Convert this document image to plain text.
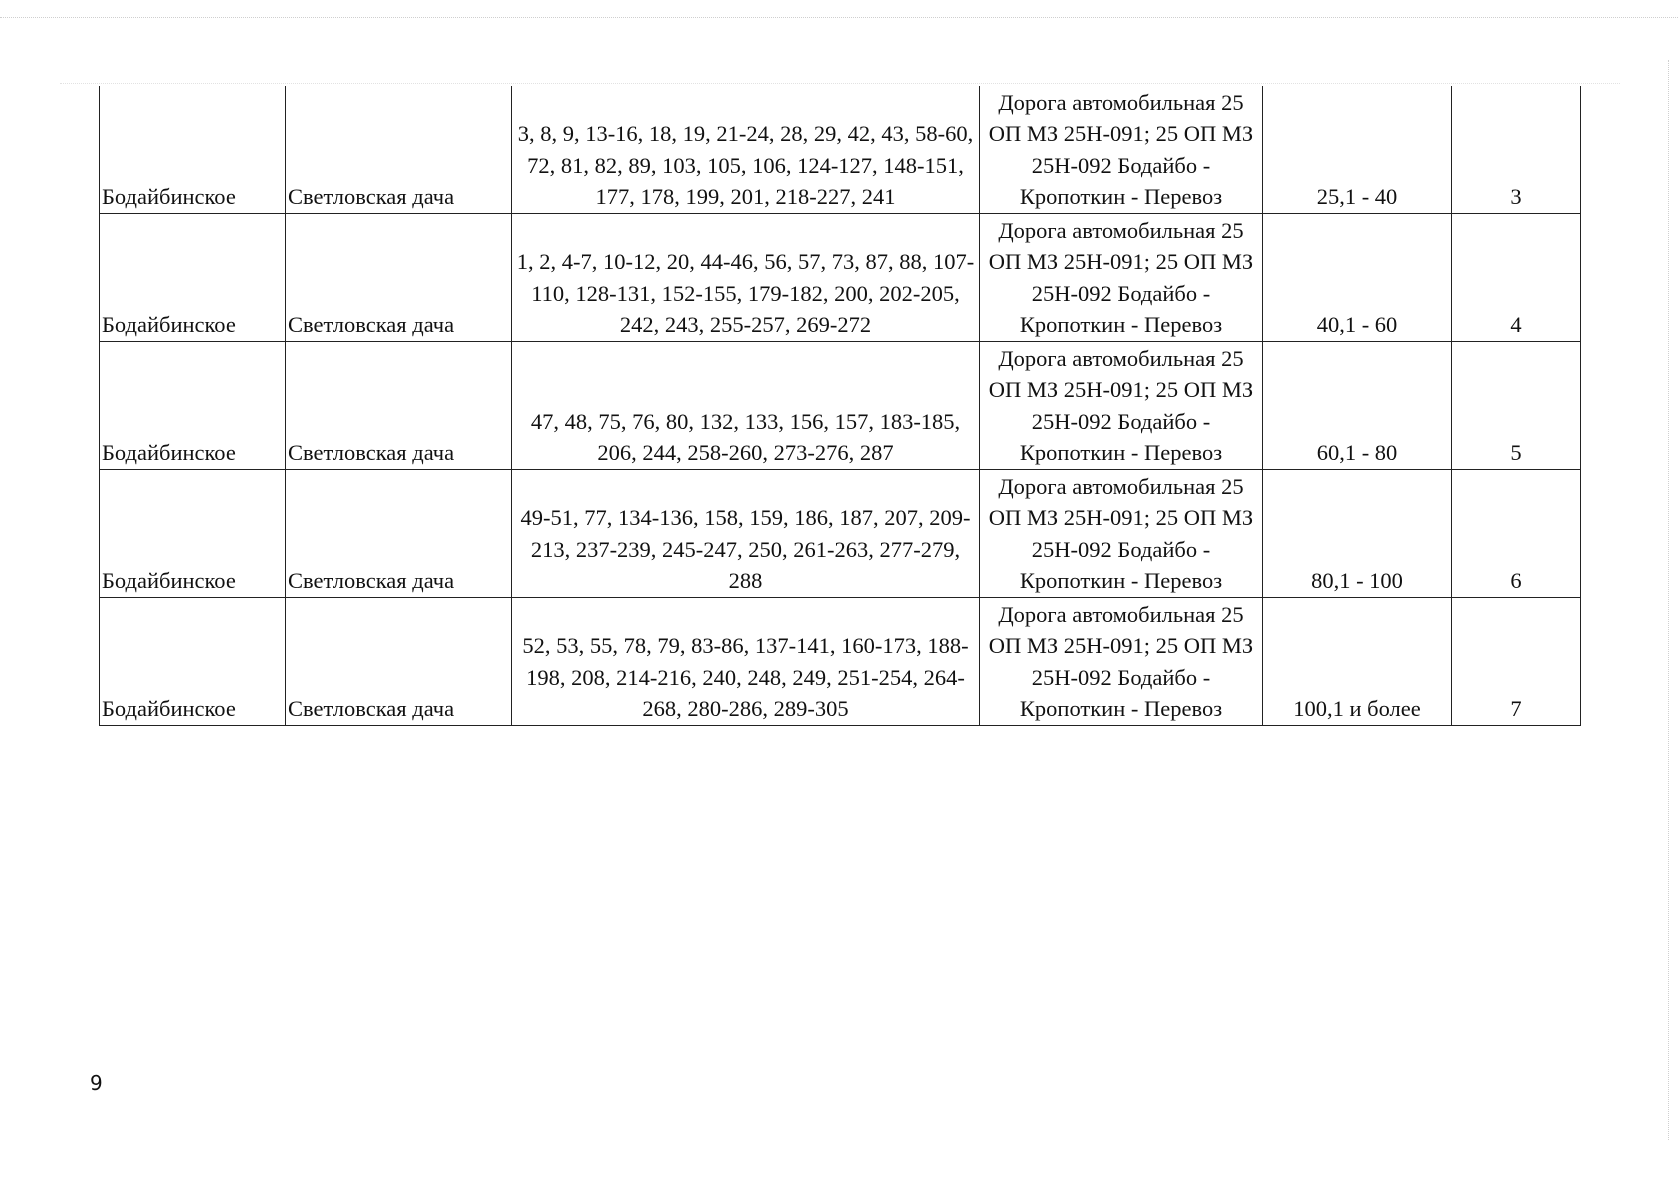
Бодайбинское	Светловская дача	3, 8, 9, 13-16, 18, 19, 21-24, 28, 29, 42, 43, 58-60, 72, 81, 82, 89, 103, 105, 106, 124-127, 148-151, 177, 178, 199, 201, 218-227, 241	Дорога автомобильная 25 ОП МЗ 25Н-091; 25 ОП МЗ 25Н-092 Бодайбо - Кропоткин - Перевоз	25,1 - 40	3
Бодайбинское	Светловская дача	1, 2, 4-7, 10-12, 20, 44-46, 56, 57, 73, 87, 88, 107-110, 128-131, 152-155, 179-182, 200, 202-205, 242, 243, 255-257, 269-272	Дорога автомобильная 25 ОП МЗ 25Н-091; 25 ОП МЗ 25Н-092 Бодайбо - Кропоткин - Перевоз	40,1 - 60	4
Бодайбинское	Светловская дача	47, 48, 75, 76, 80, 132, 133, 156, 157, 183-185, 206, 244, 258-260, 273-276, 287	Дорога автомобильная 25 ОП МЗ 25Н-091; 25 ОП МЗ 25Н-092 Бодайбо - Кропоткин - Перевоз	60,1 - 80	5
Бодайбинское	Светловская дача	49-51, 77, 134-136, 158, 159, 186, 187, 207, 209-213, 237-239, 245-247, 250, 261-263, 277-279, 288	Дорога автомобильная 25 ОП МЗ 25Н-091; 25 ОП МЗ 25Н-092 Бодайбо - Кропоткин - Перевоз	80,1 - 100	6
Бодайбинское	Светловская дача	52, 53, 55, 78, 79, 83-86, 137-141, 160-173, 188-198, 208, 214-216, 240, 248, 249, 251-254, 264-268, 280-286, 289-305	Дорога автомобильная 25 ОП МЗ 25Н-091; 25 ОП МЗ 25Н-092 Бодайбо - Кропоткин - Перевоз	100,1 и более	7
9
